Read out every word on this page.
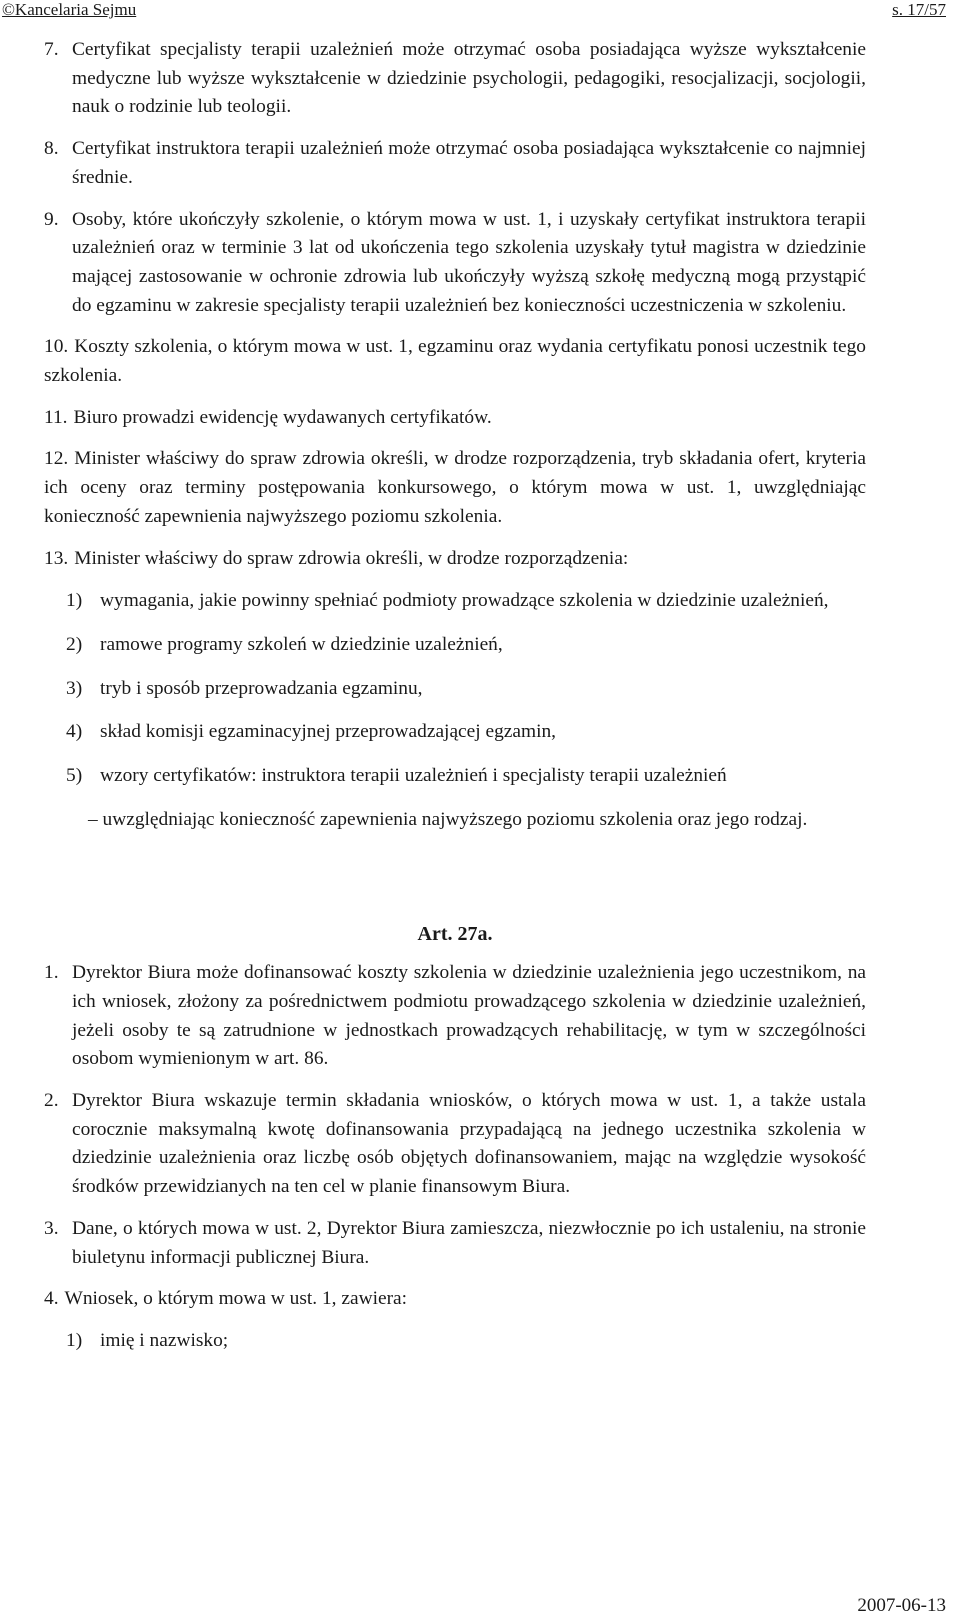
©Kancelaria Sejmu	s. 17/57
7. Certyfikat specjalisty terapii uzależnień może otrzymać osoba posiadająca wyższe wykształcenie medyczne lub wyższe wykształcenie w dziedzinie psychologii, pedagogiki, resocjalizacji, socjologii, nauk o rodzinie lub teologii.
8. Certyfikat instruktora terapii uzależnień może otrzymać osoba posiadająca wykształcenie co najmniej średnie.
9. Osoby, które ukończyły szkolenie, o którym mowa w ust. 1, i uzyskały certyfikat instruktora terapii uzależnień oraz w terminie 3 lat od ukończenia tego szkolenia uzyskały tytuł magistra w dziedzinie mającej zastosowanie w ochronie zdrowia lub ukończyły wyższą szkołę medyczną mogą przystąpić do egzaminu w zakresie specjalisty terapii uzależnień bez konieczności uczestniczenia w szkoleniu.
10. Koszty szkolenia, o którym mowa w ust. 1, egzaminu oraz wydania certyfikatu ponosi uczestnik tego szkolenia.
11. Biuro prowadzi ewidencję wydawanych certyfikatów.
12. Minister właściwy do spraw zdrowia określi, w drodze rozporządzenia, tryb składania ofert, kryteria ich oceny oraz terminy postępowania konkursowego, o którym mowa w ust. 1, uwzględniając konieczność zapewnienia najwyższego poziomu szkolenia.
13. Minister właściwy do spraw zdrowia określi, w drodze rozporządzenia:
1) wymagania, jakie powinny spełniać podmioty prowadzące szkolenia w dziedzinie uzależnień,
2) ramowe programy szkoleń w dziedzinie uzależnień,
3) tryb i sposób przeprowadzania egzaminu,
4) skład komisji egzaminacyjnej przeprowadzającej egzamin,
5) wzory certyfikatów: instruktora terapii uzależnień i specjalisty terapii uzależnień
– uwzględniając konieczność zapewnienia najwyższego poziomu szkolenia oraz jego rodzaj.
Art. 27a.
1. Dyrektor Biura może dofinansować koszty szkolenia w dziedzinie uzależnienia jego uczestnikom, na ich wniosek, złożony za pośrednictwem podmiotu prowadzącego szkolenia w dziedzinie uzależnień, jeżeli osoby te są zatrudnione w jednostkach prowadzących rehabilitację, w tym w szczególności osobom wymienionym w art. 86.
2. Dyrektor Biura wskazuje termin składania wniosków, o których mowa w ust. 1, a także ustala corocznie maksymalną kwotę dofinansowania przypadającą na jednego uczestnika szkolenia w dziedzinie uzależnienia oraz liczbę osób objętych dofinansowaniem, mając na względzie wysokość środków przewidzianych na ten cel w planie finansowym Biura.
3. Dane, o których mowa w ust. 2, Dyrektor Biura zamieszcza, niezwłocznie po ich ustaleniu, na stronie biuletynu informacji publicznej Biura.
4. Wniosek, o którym mowa w ust. 1, zawiera:
1) imię i nazwisko;
2007-06-13
